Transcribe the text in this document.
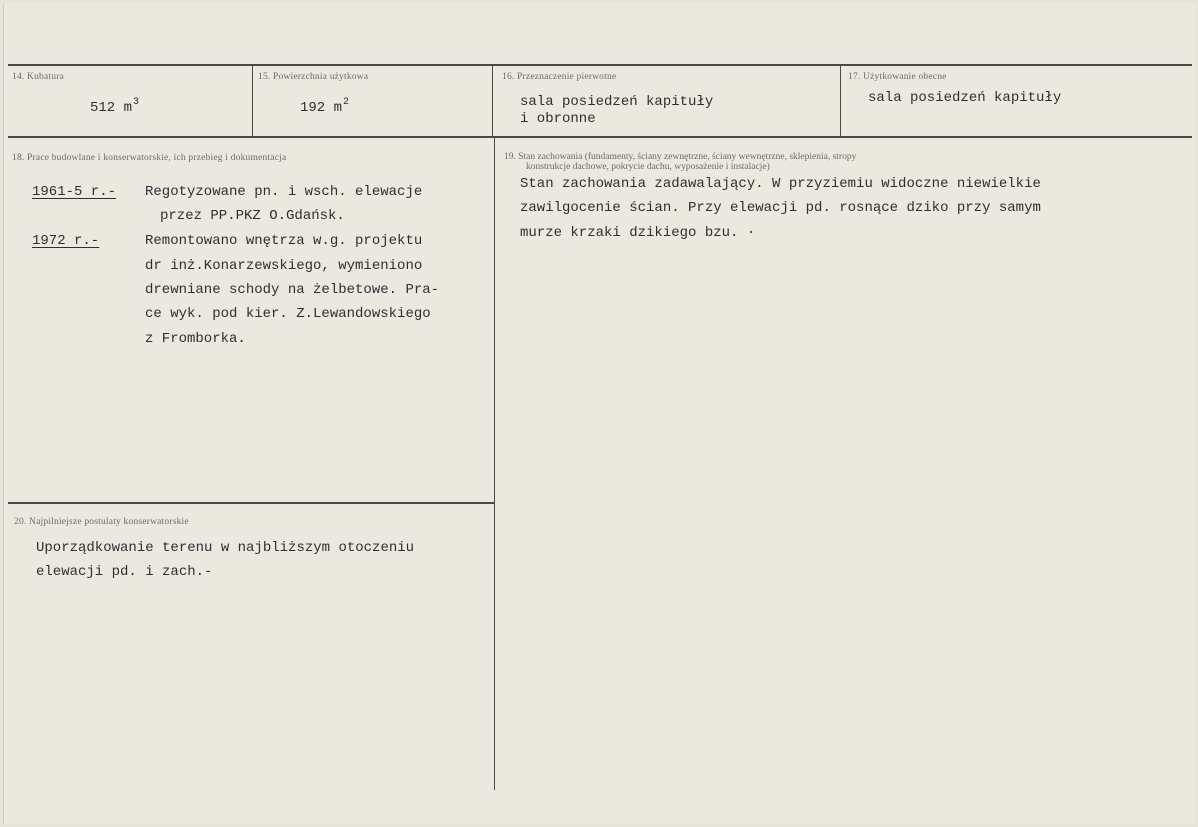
14. Kubatura
512 $m^3$
15. Powierzchnia użytkowa
192 $m^2$
16. Przeznaczenie pierwotne
sala posiedzeń kapituły
i obronne
17. Użytkowanie obecne
sala posiedzeń kapituły
18. Prace budowlane i konserwatorskie, ich przebieg i dokumentacja
1961-5 r.- Regotyzowane pn. i wsch. elewacje
przez PP.PKZ O.Gdańsk.
1972 r.-	Remontowano wnętrza w.g. projektu
dr inż.Konarzewskiego, wymieniono
drewniane schody na żelbetowe. Pra-
ce wyk. pod kier. Z.Lewandowskiego
z Fromborka.
19. Stan zachowania (fundamenty, ściany zewnętrzne, ściany wewnętrzne, sklepienia, stropy
konstrukcje dachowe, pokrycie dachu, wyposażenie i instalacje)
Stan zachowania zadawalający. W przyziemiu widoczne niewielkie
zawilgocenie ścian. Przy elewacji pd. rosnące dziko przy samym
murze krzaki dzikiego bzu. ·
20. Najpilniejsze postulaty konserwatorskie
Uporządkowanie terenu w najbliższym otoczeniu
elewacji pd. i zach.-
